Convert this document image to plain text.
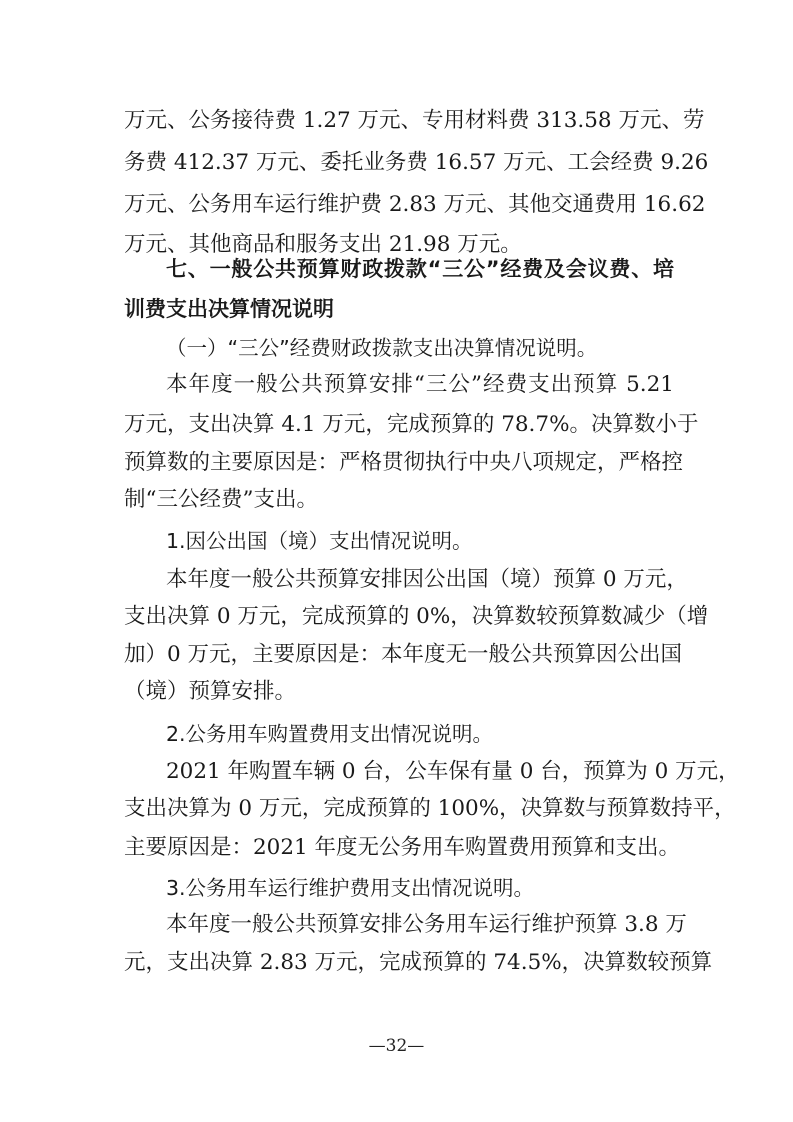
万元、公务接待费 1.27 万元、专用材料费 313.58 万元、劳
务费 412.37 万元、委托业务费 16.57 万元、工会经费 9.26
万元、公务用车运行维护费 2.83 万元、其他交通费用 16.62
万元、其他商品和服务支出 21.98 万元。
七、一般公共预算财政拨款“三公”经费及会议费、培
训费支出决算情况说明
（一）“三公”经费财政拨款支出决算情况说明。
本年度一般公共预算安排“三公”经费支出预算 5.21
万元，支出决算 4.1 万元，完成预算的 78.7%。决算数小于
预算数的主要原因是：严格贯彻执行中央八项规定，严格控
制“三公经费”支出。
1.因公出国（境）支出情况说明。
本年度一般公共预算安排因公出国（境）预算 0 万元，
支出决算 0 万元，完成预算的 0%，决算数较预算数减少（增
加）0 万元，主要原因是：本年度无一般公共预算因公出国
（境）预算安排。
2.公务用车购置费用支出情况说明。
2021 年购置车辆 0 台，公车保有量 0 台，预算为 0 万元，
支出决算为 0 万元，完成预算的 100%，决算数与预算数持平，
主要原因是：2021 年度无公务用车购置费用预算和支出。
3.公务用车运行维护费用支出情况说明。
本年度一般公共预算安排公务用车运行维护预算 3.8 万
元，支出决算 2.83 万元，完成预算的 74.5%，决算数较预算
—32—
